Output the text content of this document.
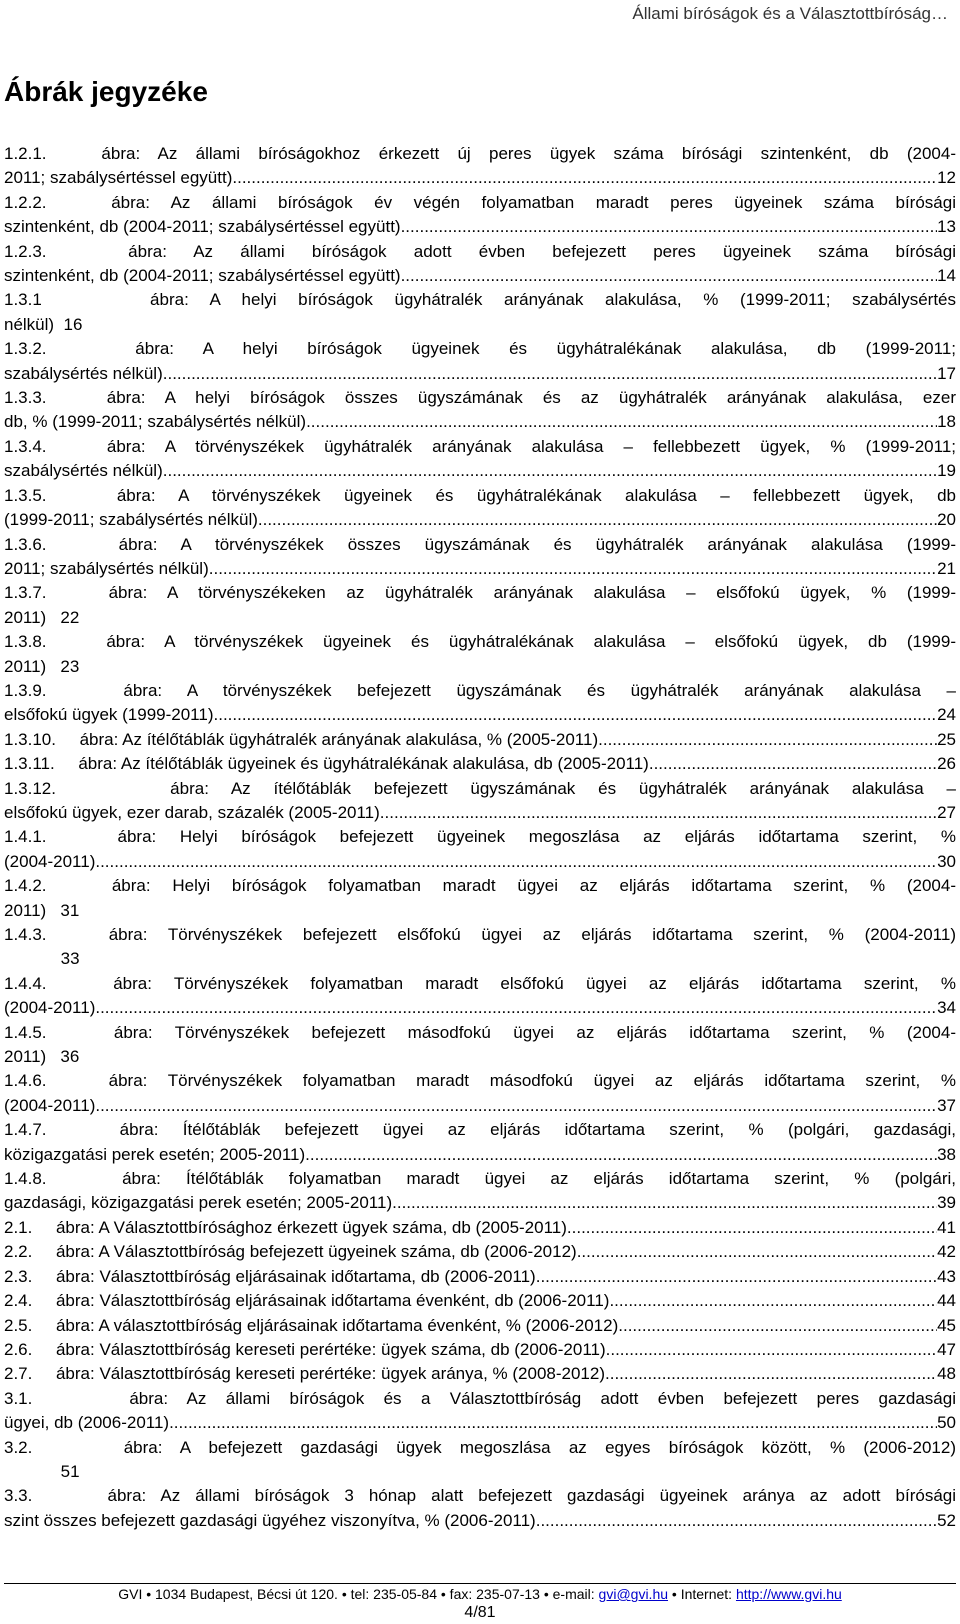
Állami bíróságok és a Választottbíróság…
Ábrák jegyzéke
1.2.1.   ábra: Az állami bíróságokhoz érkezett új peres ügyek száma bírósági szintenként, db (2004-
2011; szabálysértéssel együtt) .....	12
1.2.2.   ábra: Az állami bíróságok év végén folyamatban maradt peres ügyeinek száma bírósági
szintenként, db (2004-2011; szabálysértéssel együtt) .....	13
1.2.3.   ábra: Az állami bíróságok adott évben befejezett peres ügyeinek száma bírósági
szintenként, db (2004-2011; szabálysértéssel együtt) .....	14
1.3.1     ábra: A helyi bíróságok ügyhátralék arányának alakulása, % (1999-2011; szabálysértés
nélkül)  16
1.3.2.   ábra: A helyi bíróságok ügyeinek és ügyhátralékának alakulása, db (1999-2011;
szabálysértés nélkül) .....	17
1.3.3.   ábra: A helyi bíróságok összes ügyszámának és az ügyhátralék arányának alakulása, ezer
db, % (1999-2011; szabálysértés nélkül) .....	18
1.3.4.   ábra: A törvényszékek ügyhátralék arányának alakulása – fellebbezett ügyek, % (1999-2011;
szabálysértés nélkül) .....	19
1.3.5.   ábra: A törvényszékek ügyeinek és ügyhátralékának alakulása – fellebbezett ügyek, db
(1999-2011; szabálysértés nélkül) .....	20
1.3.6.   ábra: A törvényszékek összes ügyszámának és ügyhátralék arányának alakulása (1999-
2011; szabálysértés nélkül) .....	21
1.3.7.   ábra: A törvényszékeken az ügyhátralék arányának alakulása – elsőfokú ügyek, % (1999-
2011)   22
1.3.8.   ábra: A törvényszékek ügyeinek és ügyhátralékának alakulása – elsőfokú ügyek, db (1999-
2011)   23
1.3.9.   ábra: A törvényszékek befejezett ügyszámának és ügyhátralék arányának alakulása –
elsőfokú ügyek (1999-2011) .....	24
1.3.10.     ábra: Az ítélőtáblák ügyhátralék arányának alakulása, % (2005-2011) .....	25
1.3.11.     ábra: Az ítélőtáblák ügyeinek és ügyhátralékának alakulása, db (2005-2011) .....	26
1.3.12.     ábra: Az ítélőtáblák befejezett ügyszámának és ügyhátralék arányának alakulása –
elsőfokú ügyek, ezer darab, százalék (2005-2011) .....	27
1.4.1.   ábra: Helyi bíróságok befejezett ügyeinek megoszlása az eljárás időtartama szerint, %
(2004-2011) .....	30
1.4.2.   ábra: Helyi bíróságok folyamatban maradt ügyei az eljárás időtartama szerint, % (2004-
2011)   31
1.4.3.   ábra: Törvényszékek befejezett elsőfokú ügyei az eljárás időtartama szerint, % (2004-2011)
33
1.4.4.   ábra: Törvényszékek folyamatban maradt elsőfokú ügyei az eljárás időtartama szerint, %
(2004-2011) .....	34
1.4.5.   ábra: Törvényszékek befejezett másodfokú ügyei az eljárás időtartama szerint, % (2004-
2011)   36
1.4.6.   ábra: Törvényszékek folyamatban maradt másodfokú ügyei az eljárás időtartama szerint, %
(2004-2011) .....	37
1.4.7.   ábra: Ítélőtáblák befejezett ügyei az eljárás időtartama szerint, % (polgári, gazdasági,
közigazgatási perek esetén; 2005-2011) .....	38
1.4.8.   ábra: Ítélőtáblák folyamatban maradt ügyei az eljárás időtartama szerint, % (polgári,
gazdasági, közigazgatási perek esetén; 2005-2011) .....	39
2.1.     ábra: A Választottbírósághoz érkezett ügyek száma, db (2005-2011) .....	41
2.2.     ábra: A Választottbíróság befejezett ügyeinek száma, db (2006-2012) .....	42
2.3.     ábra: Választottbíróság eljárásainak időtartama, db (2006-2011) .....	43
2.4.     ábra: Választottbíróság eljárásainak időtartama évenként, db (2006-2011) .....	44
2.5.     ábra: A választottbíróság eljárásainak időtartama évenként, % (2006-2012) .....	45
2.6.     ábra: Választottbíróság kereseti perértéke: ügyek száma, db (2006-2011) .....	47
2.7.     ábra: Választottbíróság kereseti perértéke: ügyek aránya, % (2008-2012) .....	48
3.1.     ábra: Az állami bíróságok és a Választottbíróság adott évben befejezett peres gazdasági
ügyei, db (2006-2011) .....	50
3.2.     ábra: A befejezett gazdasági ügyek megoszlása az egyes bíróságok között, % (2006-2012)
51
3.3.     ábra: Az állami bíróságok 3 hónap alatt befejezett gazdasági ügyeinek aránya az adott bírósági
szint összes befejezett gazdasági ügyéhez viszonyítva, % (2006-2011) .....	52
GVI • 1034 Budapest, Bécsi út 120. • tel: 235-05-84 • fax: 235-07-13 • e-mail: gvi@gvi.hu • Internet: http://www.gvi.hu
4/81
